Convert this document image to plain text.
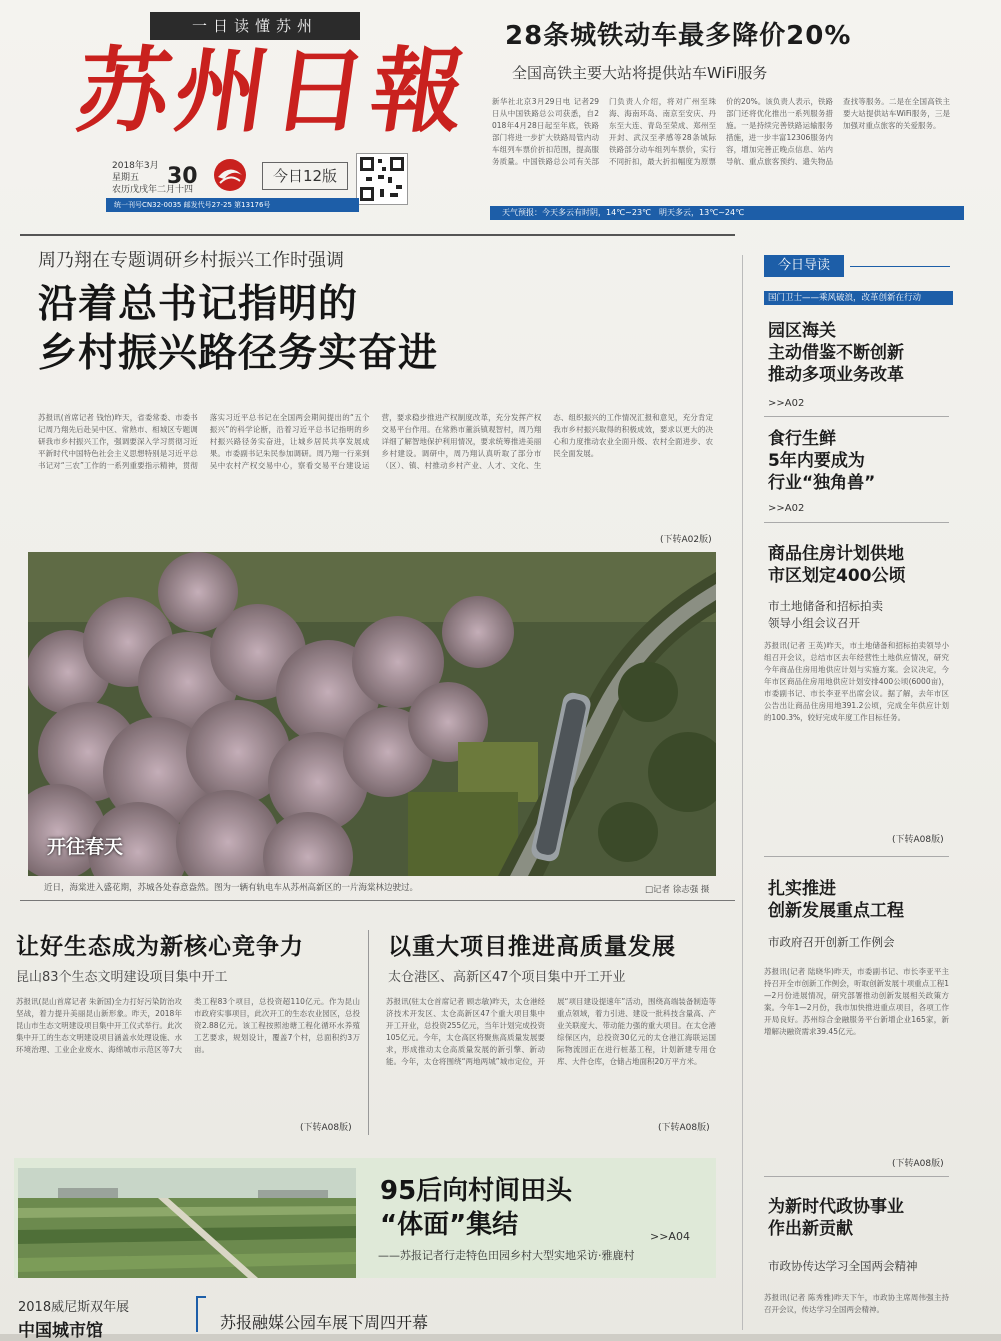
一日读懂苏州
苏州日報
2018年3月
星期五
农历戊戌年二月十四
30	今日12版
统一刊号CN32-0035 邮发代号27-25 第13176号
28条城铁动车最多降价20%
全国高铁主要大站将提供站车WiFi服务
新华社北京3月29日电 记者29日从中国铁路总公司获悉，自2018年4月28日起至年底，铁路部门将进一步扩大铁路局管内动车组列车票价折扣范围，提高服务质量。中国铁路总公司有关部门负责人介绍，将对广州至珠海、海南环岛、南京至安庆、丹东至大连、青岛至荣成、郑州至开封、武汉至孝感等28条城际铁路部分动车组列车票价，实行不同折扣，最大折扣幅度为原票价的20%。该负责人表示，铁路部门还将优化推出一系列服务措施。一是持续完善铁路运输服务措施，进一步丰富12306服务内容，增加完善正晚点信息、站内导航、重点旅客预约、遗失物品查找等服务。二是在全国高铁主要大站提供站车WiFi服务，三是加强对重点旅客的关爱服务。
天气预报：今天多云有时阴，14℃~23℃　明天多云，13℃~24℃
周乃翔在专题调研乡村振兴工作时强调
沿着总书记指明的
乡村振兴路径务实奋进
苏报讯(首席记者 钱怡)昨天，省委常委、市委书记周乃翔先后赴吴中区、常熟市、相城区专题调研我市乡村振兴工作，强调要深入学习贯彻习近平新时代中国特色社会主义思想特别是习近平总书记对“三农”工作的一系列重要指示精神，贯彻落实习近平总书记在全国两会期间提出的“五个振兴”的科学论断，沿着习近平总书记指明的乡村振兴路径务实奋进，让城乡居民共享发展成果。市委副书记朱民参加调研。周乃翔一行来到吴中农村产权交易中心，察看交易平台建设运营，要求稳步推进产权制度改革，充分发挥产权交易平台作用。在常熟市董浜镇观智村，周乃翔详细了解智地保护利用情况，要求统筹推进美丽乡村建设。调研中，周乃翔认真听取了部分市（区）、镇、村推动乡村产业、人才、文化、生态、组织振兴的工作情况汇报和意见，充分肯定我市乡村振兴取得的积极成效，要求以更大的决心和力度推动农业全面升级、农村全面进步、农民全面发展。
(下转A02版)
开往春天
近日，海棠进入盛花期，苏城各处春意盎然。图为一辆有轨电车从苏州高新区的一片海棠林边驶过。	□记者 徐志强 摄
让好生态成为新核心竞争力
昆山83个生态文明建设项目集中开工
苏报讯(昆山首席记者 朱新国)全力打好污染防治攻坚战，着力提升美丽昆山新形象。昨天，2018年昆山市生态文明建设项目集中开工仪式举行。此次集中开工的生态文明建设项目涵盖水处理设施、水环境治理、工业企业废水、海绵城市示范区等7大类工程83个项目，总投资超110亿元。作为昆山市政府实事项目，此次开工的生态农业园区，总投资2.88亿元。该工程按照池塘工程化循环水养殖工艺要求，规划设计，覆盖7个村，总面积约3万亩。
(下转A08版)
以重大项目推进高质量发展
太仓港区、高新区47个项目集中开工开业
苏报讯(驻太仓首席记者 顾志敏)昨天，太仓港经济技术开发区、太仓高新区47个重大项目集中开工开业，总投资255亿元，当年计划完成投资105亿元。今年，太仓高区将聚焦高质量发展要求，形成推动太仓高质量发展的新引擎、新动能。今年，太仓将围绕“两地两城”城市定位，开展“项目建设提速年”活动，围绕高端装备制造等重点领域，着力引进、建设一批科技含量高、产业关联度大、带动能力强的重大项目。在太仓港综保区内，总投资30亿元的太仓港江海联运国际物流园正在进行桩基工程，计划新建专用仓库、大件仓库，仓储占地面积20万平方米。
(下转A08版)
95后向村间田头
“体面”集结	>>A04
——苏报记者行走特色田园乡村大型实地采访·雅鹿村
2018威尼斯双年展
中国城市馆	苏报融媒公园车展下周四开幕
今日导读
国门卫士——乘风破浪，改革创新在行动
园区海关
主动借鉴不断创新
推动多项业务改革
>>A02
食行生鲜
5年内要成为
行业“独角兽”
>>A02
商品住房计划供地
市区划定400公顷
市土地储备和招标拍卖
领导小组会议召开
苏报讯(记者 王英)昨天，市土地储备和招标拍卖领导小组召开会议，总结市区去年经营性土地供应情况，研究今年商品住房用地供应计划与实施方案。会议决定，今年市区商品住房用地供应计划安排400公顷(6000亩)，市委副书记、市长李亚平出席会议。据了解，去年市区公告出让商品住房用地391.2公顷，完成全年供应计划的100.3%，较好完成年度工作目标任务。
(下转A08版)
扎实推进
创新发展重点工程
市政府召开创新工作例会
苏报讯(记者 陆晓华)昨天，市委副书记、市长李亚平主持召开全市创新工作例会，听取创新发展十项重点工程1—2月份进展情况，研究部署推动创新发展相关政策方案。今年1—2月份，我市加快推进重点项目，各项工作开局良好。苏州综合金融服务平台新增企业165家，新增解决融资需求39.45亿元。
(下转A08版)
为新时代政协事业
作出新贡献
市政协传达学习全国两会精神
苏报讯(记者 陈秀雅)昨天下午，市政协主席周伟强主持召开会议，传达学习全国两会精神。
